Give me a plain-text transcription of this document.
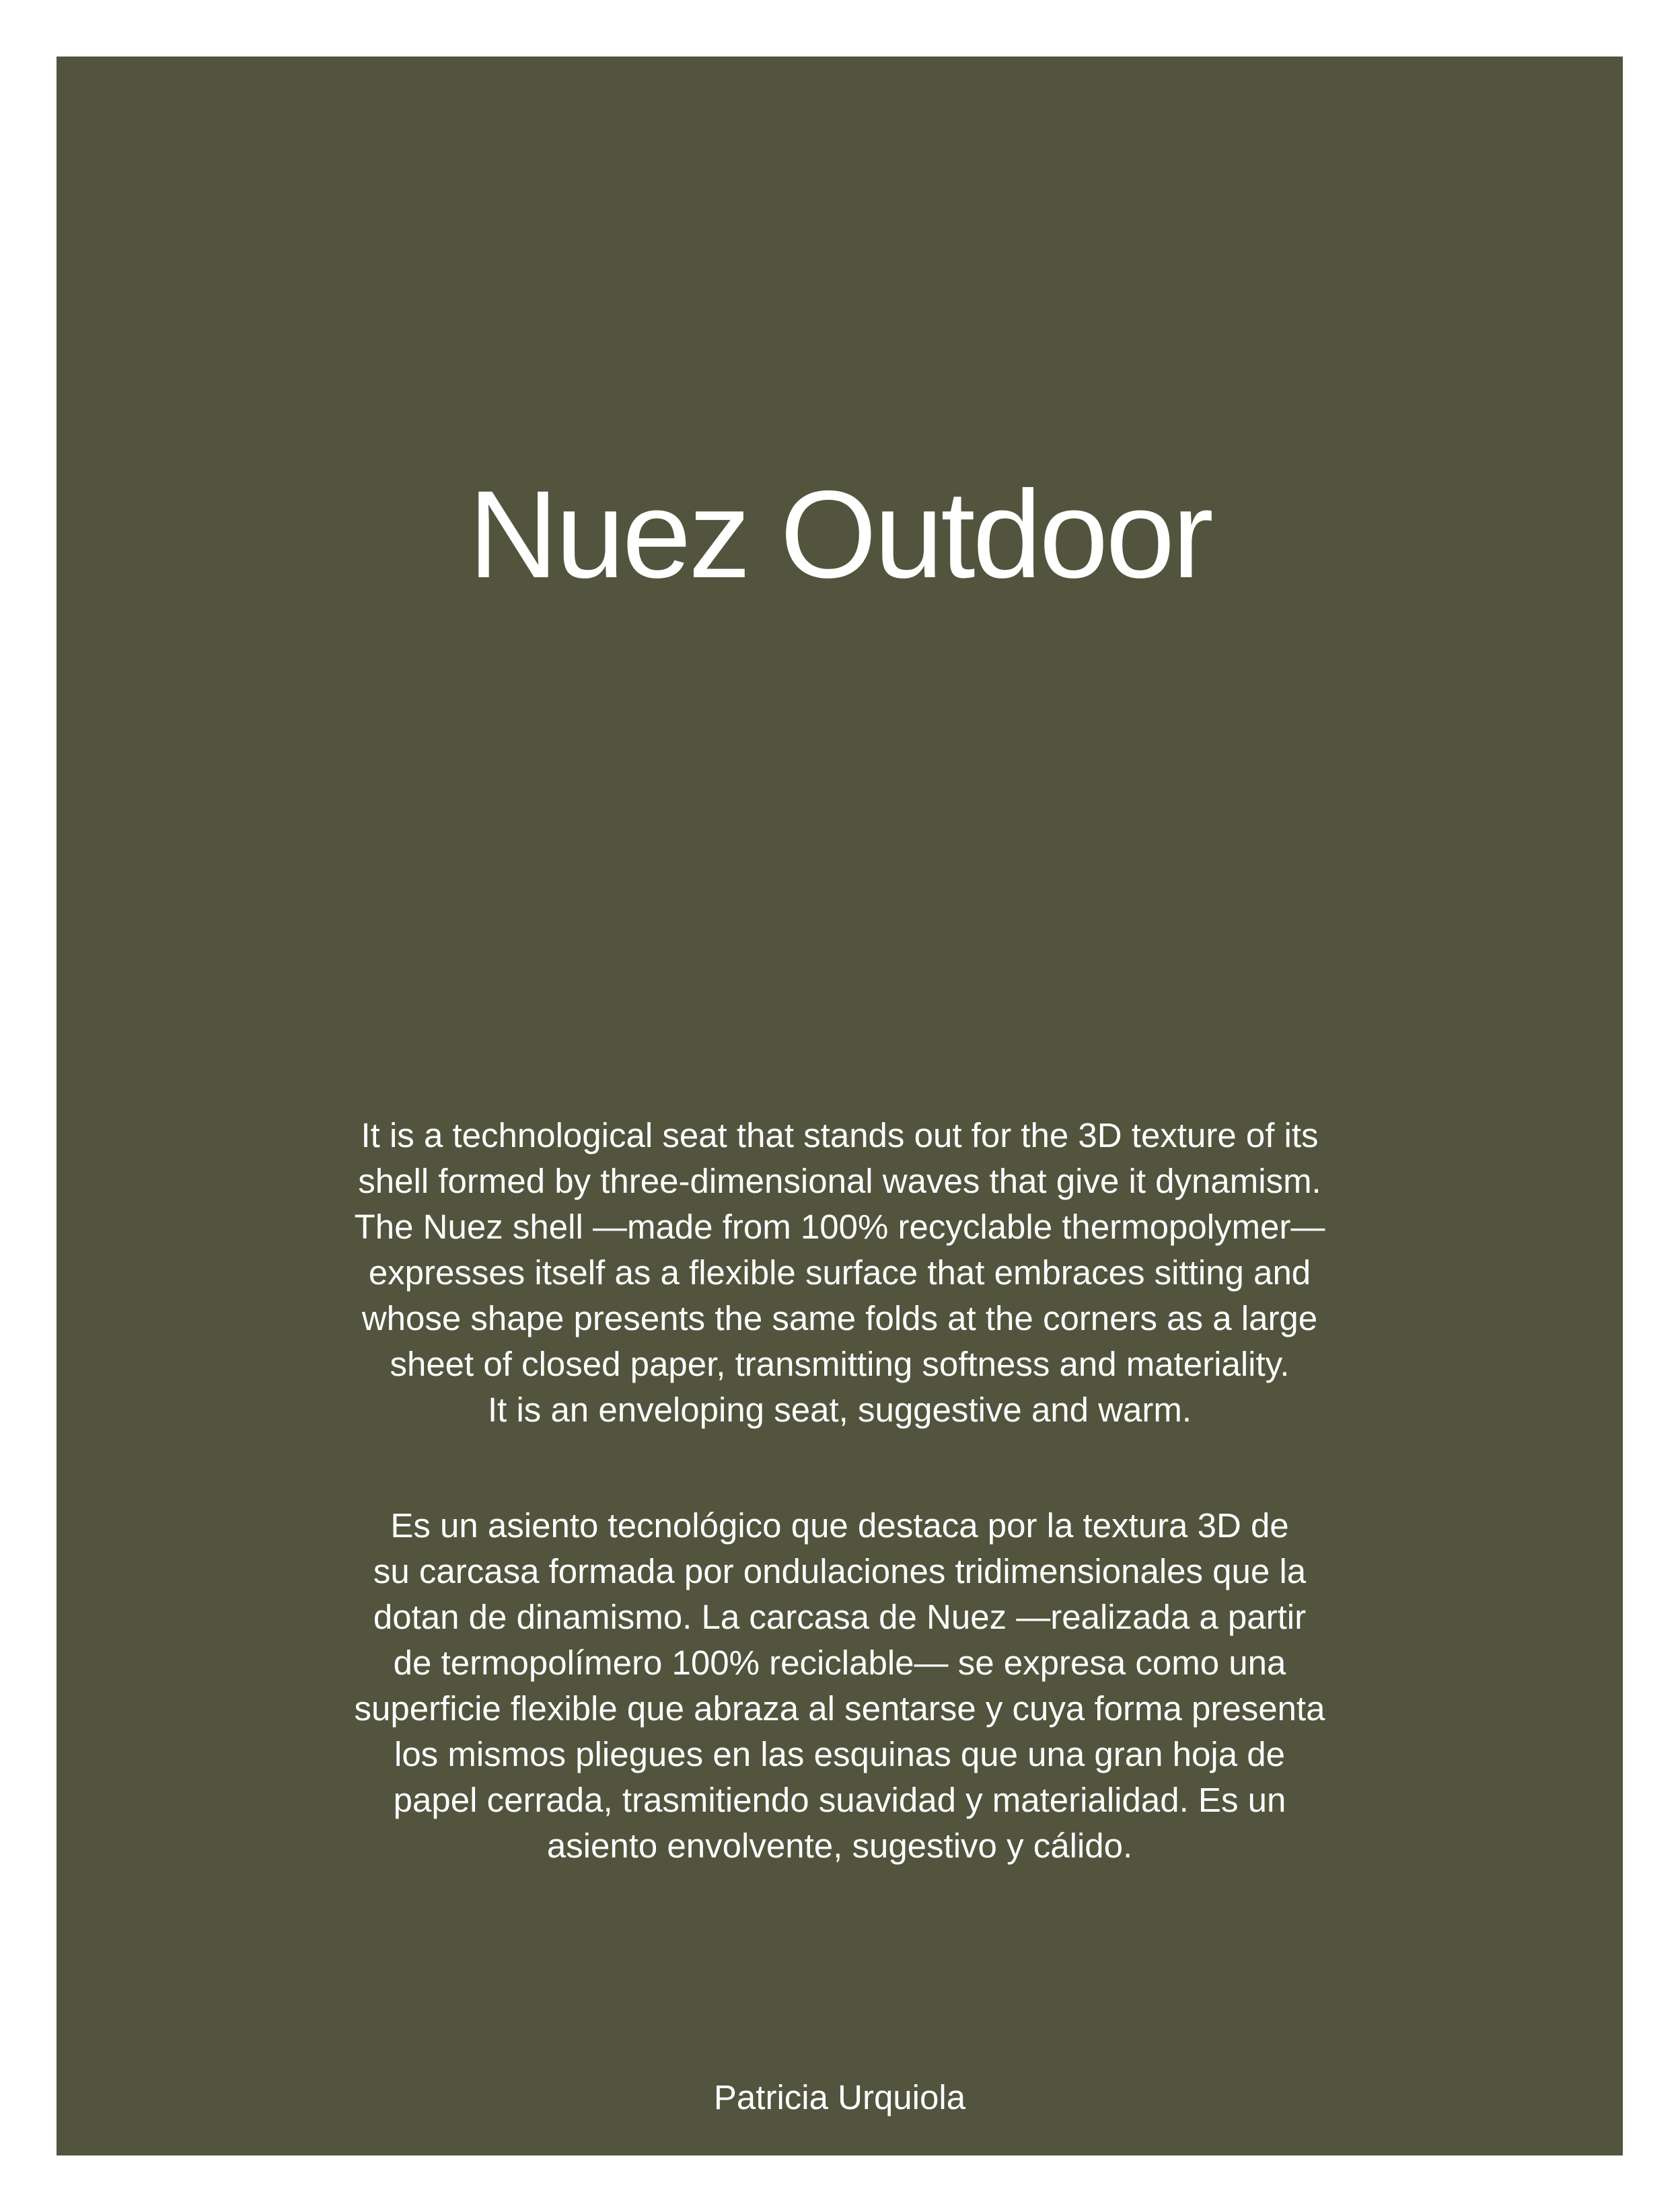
Nuez Outdoor
It is a technological seat that stands out for the 3D texture of its
shell formed by three-dimensional waves that give it dynamism.
The Nuez shell —made from 100% recyclable thermopolymer—
expresses itself as a flexible surface that embraces sitting and
whose shape presents the same folds at the corners as a large
sheet of closed paper, transmitting softness and materiality.
It is an enveloping seat, suggestive and warm.
Es un asiento tecnológico que destaca por la textura 3D de
su carcasa formada por ondulaciones tridimensionales que la
dotan de dinamismo. La carcasa de Nuez —realizada a partir
de termopolímero 100% reciclable— se expresa como una
superficie flexible que abraza al sentarse y cuya forma presenta
los mismos pliegues en las esquinas que una gran hoja de
papel cerrada, trasmitiendo suavidad y materialidad. Es un
asiento envolvente, sugestivo y cálido.
Patricia Urquiola
